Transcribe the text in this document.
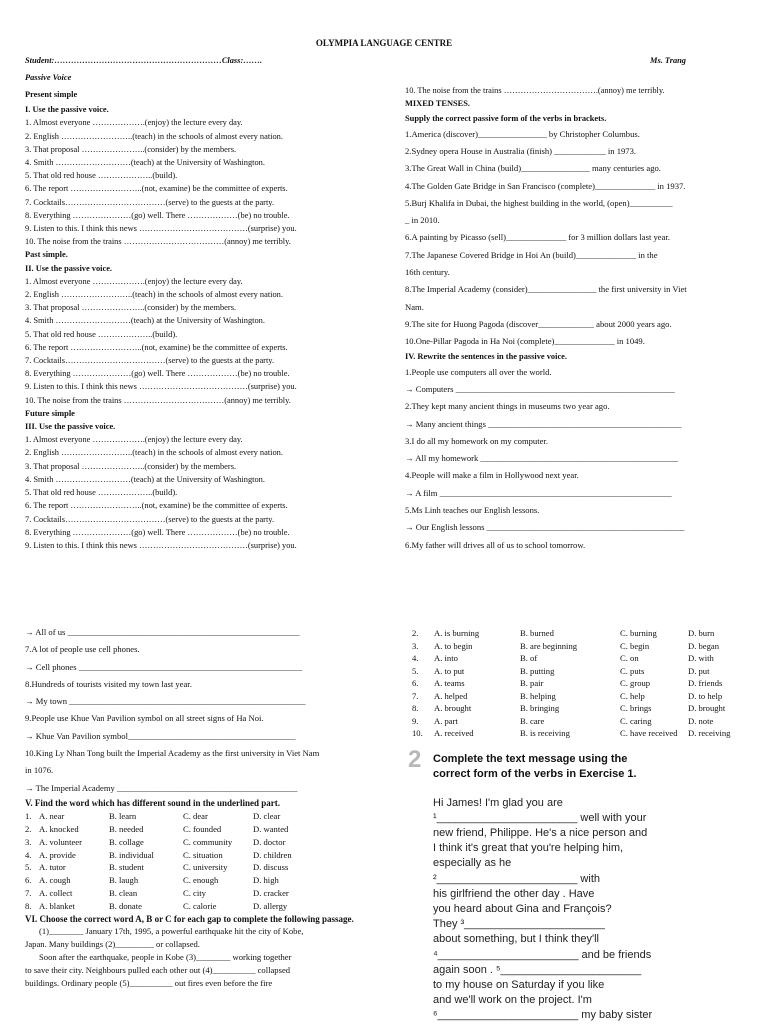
OLYMPIA LANGUAGE CENTRE
Student:……………………………………………………Class:…….	Ms. Trang
Passive Voice
Present simple
I. Use the passive voice.
1. Almost everyone ……………….(enjoy) the lecture every day.
2. English ……………………..(teach) in the schools of almost every nation.
3. That proposal …………………..(consider) by the members.
4. Smith ………………………(teach) at the University of Washington.
5. That old red house ………………..(build).
6. The report ……………………..(not, examine) be the committee of experts.
7. Cocktails………………………………(serve) to the guests at the party.
8. Everything …………………(go) well. There ………………(be) no trouble.
9. Listen to this. I think this news …………………………………(surprise) you.
10. The noise from the trains ………………………………(annoy) me terribly.
Past simple.
II. Use the passive voice.
1. Almost everyone ……………….(enjoy) the lecture every day.
2. English ……………………..(teach) in the schools of almost every nation.
3. That proposal …………………..(consider) by the members.
4. Smith ………………………(teach) at the University of Washington.
5. That old red house ………………..(build).
6. The report ……………………..(not, examine) be the committee of experts.
7. Cocktails………………………………(serve) to the guests at the party.
8. Everything …………………(go) well. There ………………(be) no trouble.
9. Listen to this. I think this news …………………………………(surprise) you.
10. The noise from the trains ………………………………(annoy) me terribly.
Future simple
III. Use the passive voice.
1. Almost everyone ……………….(enjoy) the lecture every day.
2. English ……………………..(teach) in the schools of almost every nation.
3. That proposal …………………..(consider) by the members.
4. Smith ………………………(teach) at the University of Washington.
5. That old red house ………………..(build).
6. The report ……………………..(not, examine) be the committee of experts.
7. Cocktails………………………………(serve) to the guests at the party.
8. Everything …………………(go) well. There ………………(be) no trouble.
9. Listen to this. I think this news …………………………………(surprise) you.
10. The noise from the trains …………………………….(annoy) me terribly.
MIXED TENSES.
Supply the correct passive form of the verbs in brackets.
1.America (discover)________________ by Christopher Columbus.
2.Sydney opera House in Australia (finish) ____________ in 1973.
3.The Great Wall in China (build)________________ many centuries ago.
4.The Golden Gate Bridge in San Francisco (complete)______________ in 1937.
5.Burj Khalifa in Dubai, the highest building in the world, (open)__________
_ in 2010.
6.A painting by Picasso (sell)______________ for 3 million dollars last year.
7.The Japanese Covered Bridge in Hoi An (build)______________ in the
16th century.
8.The Imperial Academy (consider)________________ the first university in Viet
Nam.
9.The site for Huong Pagoda (discover_____________ about 2000 years ago.
10.One-Pillar Pagoda in Ha Noi (complete)______________ in 1049.
IV. Rewrite the sentences in the passive voice.
1.People use computers all over the world.
→ Computers ___________________________________________________
2.They kept many ancient things in museums two year ago.
→ Many ancient things _____________________________________________
3.I do all my homework on my computer.
→ All my homework ______________________________________________
4.People will make a film in Hollywood next year.
→ A film ______________________________________________________
5.Ms Linh teaches our English lessons.
→ Our English lessons ______________________________________________
6.My father will drives all of us to school tomorrow.
→ All of us ______________________________________________________
7.A lot of people use cell phones.
→ Cell phones ____________________________________________________
8.Hundreds of tourists visited my town last year.
→ My town _______________________________________________________
9.People use Khue Van Pavilion symbol on all street signs of Ha Noi.
→ Khue Van Pavilion symbol_______________________________________
10.King Ly Nhan Tong built the Imperial Academy as the first university in Viet Nam
in 1076.
→ The Imperial Academy __________________________________________
V. Find the word which has different sound in the underlined part.
1. A. near	B. learn	C. dear	D. clear
2. A. knocked	B. needed	C. founded	D. wanted
3. A. volunteer	B. collage	C. community	D. doctor
4. A. provide	B. individual	C. situation	D. children
5. A. tutor	B. student	C. university	D. discuss
6. A. cough	B. laugh	C. enough	D. high
7. A. collect	B. clean	C. city	D. cracker
8. A. blanket	B. donate	C. calorie	D. allergy
VI. Choose the correct word A, B or C for each gap to complete the following passage.
(1)________ January 17th, 1995, a powerful earthquake hit the city of Kobe,
Japan. Many buildings (2)_________ or collapsed.
Soon after the earthquake, people in Kobe (3)________ working together
to save their city. Neighbours pulled each other out (4)__________ collapsed
buildings. Ordinary people (5)__________ out fires even before the fire
2.	A. is burning	B. burned	C. burning	D. burn
3.	A. to begin	B. are beginning	C. begin	D. began
4.	A. into	B. of	C. on	D. with
5.	A. to put	B. putting	C. puts	D. put
6.	A. teams	B. pair	C. group	D. friends
7.	A. helped	B. helping	C. help	D. to help
8.	A. brought	B. bringing	C. brings	D. brought
9.	A. part	B. care	C. caring	D. note
10.	A. received	B. is receiving	C. have received	D. receiving
2 Complete the text message using the
correct form of the verbs in Exercise 1.
Hi James! I'm glad you are
¹_______________________ well with your
new friend, Philippe. He's a nice person and
I think it's great that you're helping him,
especially as he
²_______________________ with
his girlfriend the other day . Have
you heard about Gina and François?
They ³_______________________
about something, but I think they'll
⁴_______________________ and be friends
again soon . ⁵_______________________
to my house on Saturday if you like
and we'll work on the project. I'm
⁶_______________________ my baby sister
